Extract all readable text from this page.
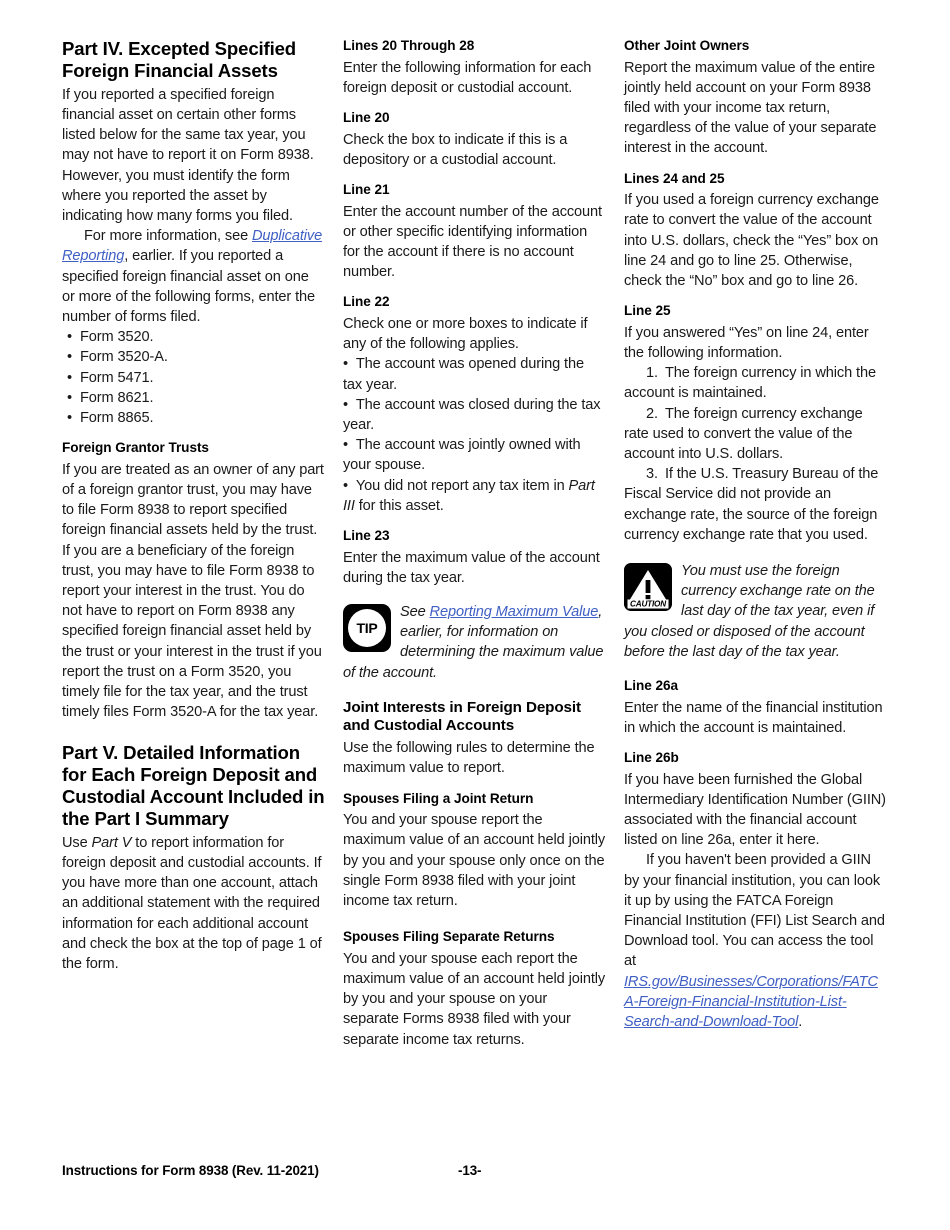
Part IV. Excepted Specified Foreign Financial Assets

If you reported a specified foreign financial asset on certain other forms listed below for the same tax year, you may not have to report it on Form 8938. However, you must identify the form where you reported the asset by indicating how many forms you filed.

For more information, see Duplicative Reporting, earlier. If you reported a specified foreign financial asset on one or more of the following forms, enter the number of forms filed.

• Form 3520.
• Form 3520-A.
• Form 5471.
• Form 8621.
• Form 8865.
Foreign Grantor Trusts

If you are treated as an owner of any part of a foreign grantor trust, you may have to file Form 8938 to report specified foreign financial assets held by the trust. If you are a beneficiary of the foreign trust, you may have to file Form 8938 to report your interest in the trust. You do not have to report on Form 8938 any specified foreign financial asset held by the trust or your interest in the trust if you report the trust on a Form 3520, you timely file for the tax year, and the trust timely files Form 3520-A for the tax year.

Part V. Detailed Information for Each Foreign Deposit and Custodial Account Included in the Part I Summary

Use Part V to report information for foreign deposit and custodial accounts. If you have more than one account, attach an additional statement with the required information for each additional account and check the box at the top of page 1 of the form.

Lines 20 Through 28

Enter the following information for each foreign deposit or custodial account.

Line 20

Check the box to indicate if this is a depository or a custodial account.

Line 21

Enter the account number of the account or other specific identifying information for the account if there is no account number.

Line 22

Check one or more boxes to indicate if any of the following applies.

•  The account was opened during the tax year.
•  The account was closed during the tax year.
•  The account was jointly owned with your spouse.
•  You did not report any tax item in Part III for this asset.
Line 23

Enter the maximum value of the account during the tax year.

TIP
See Reporting Maximum Value, earlier, for information on determining the maximum value of the account.
Joint Interests in Foreign Deposit and Custodial Accounts

Use the following rules to determine the maximum value to report.

Spouses Filing a Joint Return

You and your spouse report the maximum value of an account held jointly by you and your spouse only once on the single Form 8938 filed with your joint income tax return.

Spouses Filing Separate Returns

You and your spouse each report the maximum value of an account held jointly by you and your spouse on your separate Forms 8938 filed with your separate income tax returns.

Other Joint Owners

Report the maximum value of the entire jointly held account on your Form 8938 filed with your income tax return, regardless of the value of your separate interest in the account.

Lines 24 and 25

If you used a foreign currency exchange rate to convert the value of the account into U.S. dollars, check the “Yes” box on line 24 and go to line 25. Otherwise, check the “No” box and go to line 26.

Line 25

If you answered “Yes” on line 24, enter the following information.

1. The foreign currency in which the account is maintained.
2. The foreign currency exchange rate used to convert the value of the account into U.S. dollars.
3. If the U.S. Treasury Bureau of the Fiscal Service did not provide an exchange rate, the source of the foreign currency exchange rate that you used.
CAUTION
You must use the foreign currency exchange rate on the last day of the tax year, even if you closed or disposed of the account before the last day of the tax year.
Line 26a

Enter the name of the financial institution in which the account is maintained.

Line 26b

If you have been furnished the Global Intermediary Identification Number (GIIN) associated with the financial account listed on line 26a, enter it here.

If you haven't been provided a GIIN by your financial institution, you can look it up by using the FATCA Foreign Financial Institution (FFI) List Search and Download tool. You can access the tool at IRS.gov/Businesses/Corporations/FATCA-Foreign-Financial-Institution-List-Search-and-Download-Tool.

Instructions for Form 8938 (Rev. 11-2021)	-13-
